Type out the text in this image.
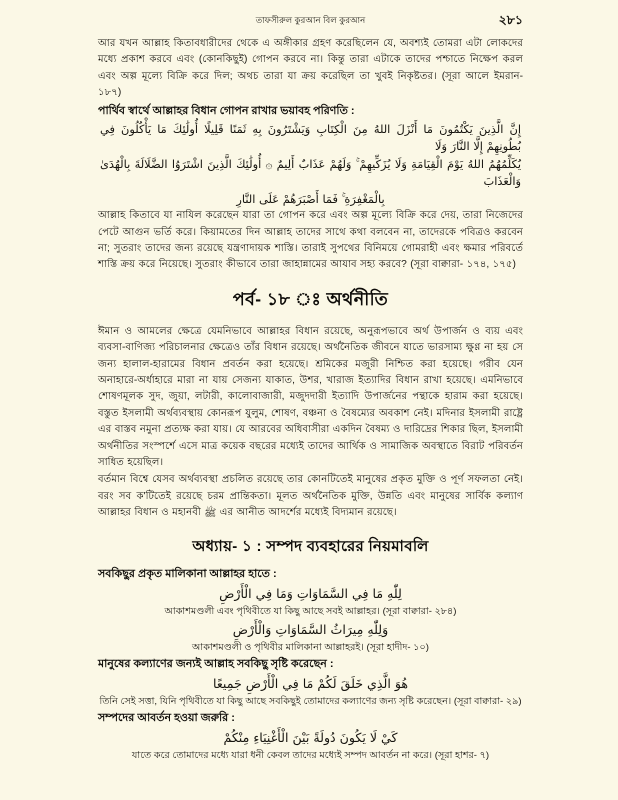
তাফসীরুল কুরআন বিল কুরআন	২৮১

আর যখন আল্লাহ কিতাবধারীদের থেকে এ অঙ্গীকার গ্রহণ করেছিলেন যে, অবশ্যই তোমরা এটা লোকদের মধ্যে প্রকাশ করবে এবং (কোনকিছুই) গোপন করবে না। কিন্তু তারা এটাকে তাদের পশ্চাতে নিক্ষেপ করল এবং অল্প মূল্যে বিক্রি করে দিল; অথচ তারা যা ক্রয় করেছিল তা খুবই নিকৃষ্টতর। (সূরা আলে ইমরান- ১৮৭)

পার্থিব স্বার্থে আল্লাহর বিধান গোপন রাখার ভয়াবহ পরিণতি :
إِنَّ الَّذِينَ يَكْتُمُونَ مَا أَنْزَلَ اللهُ مِنَ الْكِتَابِ وَيَشْتَرُونَ بِهِ ثَمَنًا قَلِيلًا أُولَٰئِكَ مَا يَأْكُلُونَ فِي بُطُونِهِمْ إِلَّا النَّارَ وَلَا
يُكَلِّمُهُمُ اللهُ يَوْمَ الْقِيَامَةِ وَلَا يُزَكِّيهِمْ ۚ وَلَهُمْ عَذَابٌ أَلِيمٌ ۞ أُولَٰئِكَ الَّذِينَ اشْتَرَوُا الضَّلَالَةَ بِالْهُدَىٰ وَالْعَذَابَ
بِالْمَغْفِرَةِ ۚ فَمَا أَصْبَرَهُمْ عَلَى النَّارِ

আল্লাহ কিতাবে যা নাযিল করেছেন যারা তা গোপন করে এবং অল্প মূল্যে বিক্রি করে দেয়, তারা নিজেদের পেটে আগুন ভর্তি করে। কিয়ামতের দিন আল্লাহ তাদের সাথে কথা বলবেন না, তাদেরকে পবিত্রও করবেন না; সুতরাং তাদের জন্য রয়েছে যন্ত্রণাদায়ক শাস্তি। তারাই সুপথের বিনিময়ে গোমরাহী এবং ক্ষমার পরিবর্তে শাস্তি ক্রয় করে নিয়েছে। সুতরাং কীভাবে তারা জাহান্নামের আযাব সহ্য করবে? (সূরা বাক্বারা- ১৭৪, ১৭৫)

পর্ব- ১৮ ঃ অর্থনীতি

ঈমান ও আমলের ক্ষেত্রে যেমনিভাবে আল্লাহর বিধান রয়েছে, অনুরূপভাবে অর্থ উপার্জন ও ব্যয় এবং ব্যবসা-বাণিজ্য পরিচালনার ক্ষেত্রেও তাঁর বিধান রয়েছে। অর্থনৈতিক জীবনে যাতে ভারসাম্য ক্ষুণ্ণ না হয় সে জন্য হালাল-হারামের বিধান প্রবর্তন করা হয়েছে। শ্রমিকের মজুরী নিশ্চিত করা হয়েছে। গরীব যেন অনাহারে-অর্ধাহারে মারা না যায় সেজন্য যাকাত, উশর, খারাজ ইত্যাদির বিধান রাখা হয়েছে। এমনিভাবে শোষণমূলক সুদ, জুয়া, লটারী, কালোবাজারী, মজুদদারী ইত্যাদি উপার্জনের পন্থাকে হারাম করা হয়েছে। বস্তুত ইসলামী অর্থব্যবস্থায় কোনরূপ যুলুম, শোষণ, বঞ্চনা ও বৈষম্যের অবকাশ নেই। মদিনার ইসলামী রাষ্ট্রে এর বাস্তব নমুনা প্রত্যক্ষ করা যায়। যে আরবের অধিবাসীরা একদিন বৈষম্য ও দারিদ্রের শিকার ছিল, ইসলামী অর্থনীতির সংস্পর্শে এসে মাত্র কয়েক বছরের মধ্যেই তাদের আর্থিক ও সামাজিক অবস্থাতে বিরাট পরিবর্তন সাধিত হয়েছিল।

বর্তমান বিশ্বে যেসব অর্থব্যবস্থা প্রচলিত রয়েছে তার কোনটিতেই মানুষের প্রকৃত মুক্তি ও পূর্ণ সফলতা নেই। বরং সব ক'টিতেই রয়েছে চরম প্রান্তিকতা। মূলত অর্থনৈতিক মুক্তি, উন্নতি এবং মানুষের সার্বিক কল্যাণ আল্লাহর বিধান ও মহানবী ﷺ এর আনীত আদর্শের মধ্যেই বিদ্যমান রয়েছে।

অধ্যায়- ১ : সম্পদ ব্যবহারের নিয়মাবলি
সবকিছুর প্রকৃত মালিকানা আল্লাহর হাতে :
لِلّٰهِ مَا فِي السَّمَاوَاتِ وَمَا فِي الْأَرْضِ

আকাশমণ্ডলী এবং পৃথিবীতে যা কিছু আছে সবই আল্লাহর। (সূরা বাক্বারা- ২৮৪)

وَلِلّٰهِ مِيرَاثُ السَّمَاوَاتِ وَالْأَرْضِ

আকাশমণ্ডলী ও পৃথিবীর মালিকানা আল্লাহরই। (সূরা হাদীদ- ১০)

মানুষের কল্যাণের জন্যই আল্লাহ সবকিছু সৃষ্টি করেছেন :
هُوَ الَّذِي خَلَقَ لَكُمْ مَا فِي الْأَرْضِ جَمِيعًا

তিনি সেই সত্তা, যিনি পৃথিবীতে যা কিছু আছে সবকিছুই তোমাদের কল্যাণের জন্য সৃষ্টি করেছেন। (সূরা বাক্বারা- ২৯)

সম্পদের আবর্তন হওয়া জরুরি :
كَيْ لَا يَكُونَ دُولَةً بَيْنَ الْأَغْنِيَاءِ مِنْكُمْ

যাতে করে তোমাদের মধ্যে যারা ধনী কেবল তাদের মধ্যেই সম্পদ আবর্তন না করে। (সূরা হাশর- ৭)
